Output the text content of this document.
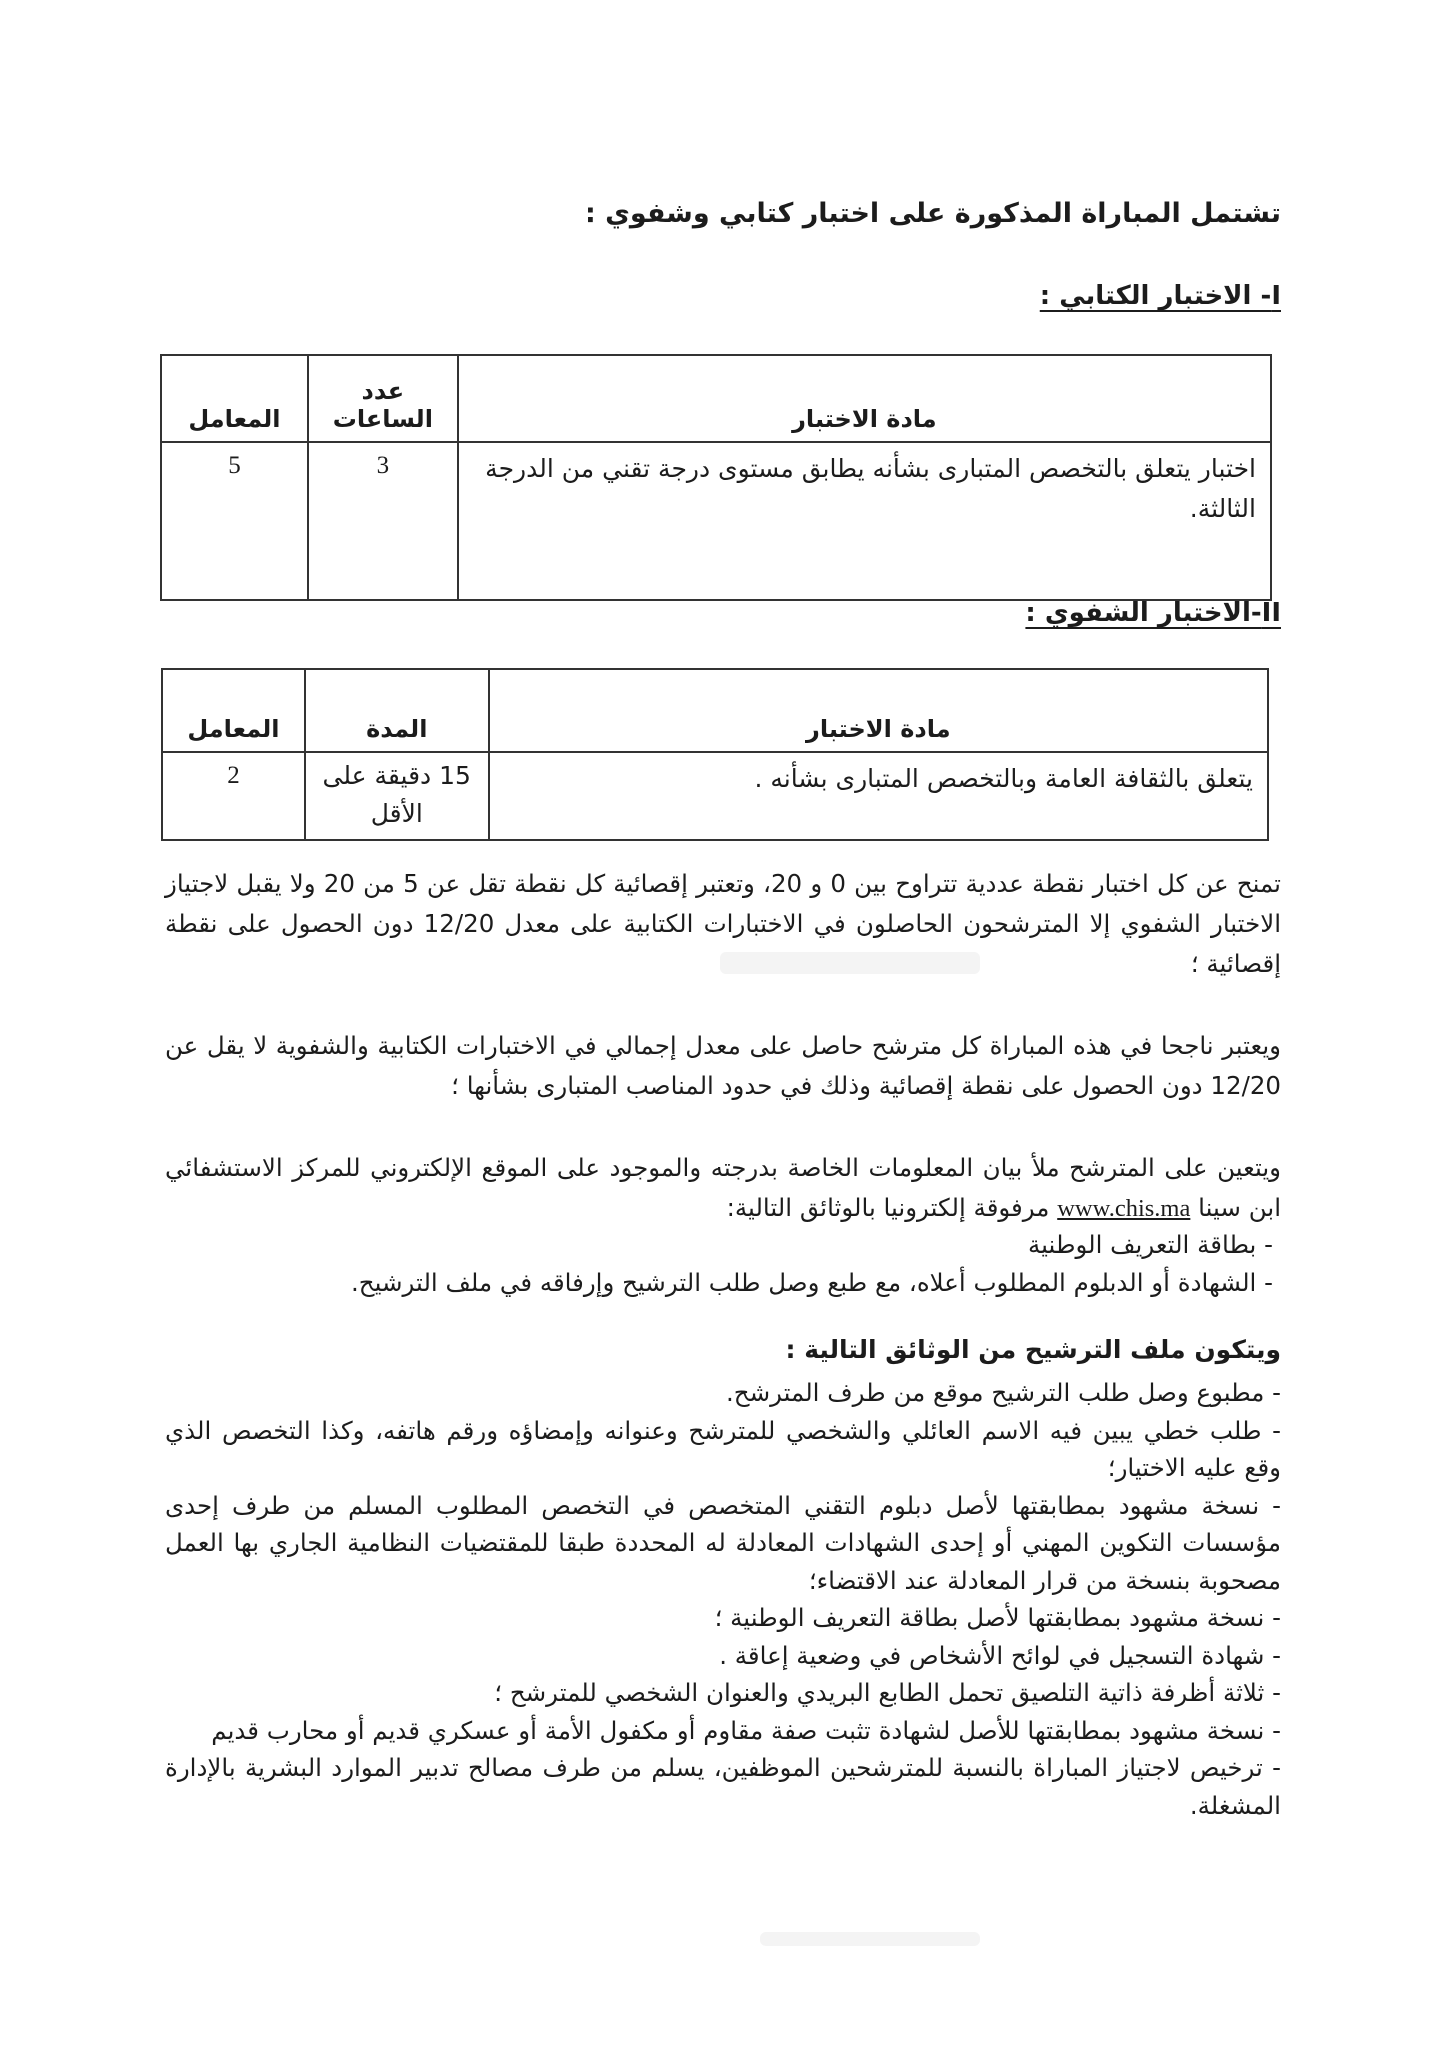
تشتمل المباراة المذكورة على اختبار كتابي وشفوي :
I- الاختبار الكتابي :
مادة الاختبار	عدد الساعات	المعامل
اختبار يتعلق بالتخصص المتبارى بشأنه يطابق مستوى درجة تقني من الدرجة الثالثة.	3	5
II-الاختبار الشفوي :
مادة الاختبار	المدة	المعامل
يتعلق بالثقافة العامة وبالتخصص المتبارى بشأنه .	15 دقيقة على الأقل	2
تمنح عن كل اختبار نقطة عددية تتراوح بين 0 و 20، وتعتبر إقصائية كل نقطة تقل عن 5 من 20 ولا يقبل لاجتياز الاختبار الشفوي إلا المترشحون الحاصلون في الاختبارات الكتابية على معدل 12/20 دون الحصول على نقطة إقصائية ؛
ويعتبر ناجحا في هذه المباراة كل مترشح حاصل على معدل إجمالي في الاختبارات الكتابية والشفوية لا يقل عن 12/20 دون الحصول على نقطة إقصائية وذلك في حدود المناصب المتبارى بشأنها ؛
ويتعين على المترشح ملأ بيان المعلومات الخاصة بدرجته والموجود على الموقع الإلكتروني للمركز الاستشفائي ابن سينا www.chis.ma مرفوقة إلكترونيا بالوثائق التالية:
- بطاقة التعريف الوطنية
- الشهادة أو الدبلوم المطلوب أعلاه، مع طبع وصل طلب الترشيح وإرفاقه في ملف الترشيح.
ويتكون ملف الترشيح من الوثائق التالية :
- مطبوع وصل طلب الترشيح موقع من طرف المترشح.
- طلب خطي يبين فيه الاسم العائلي والشخصي للمترشح وعنوانه وإمضاؤه ورقم هاتفه، وكذا التخصص الذي وقع عليه الاختيار؛
- نسخة مشهود بمطابقتها لأصل دبلوم التقني المتخصص في التخصص المطلوب المسلم من طرف إحدى مؤسسات التكوين المهني أو إحدى الشهادات المعادلة له المحددة طبقا للمقتضيات النظامية الجاري بها العمل مصحوبة بنسخة من قرار المعادلة عند الاقتضاء؛
- نسخة مشهود بمطابقتها لأصل بطاقة التعريف الوطنية ؛
- شهادة التسجيل في لوائح الأشخاص في وضعية إعاقة .
- ثلاثة أظرفة ذاتية التلصيق تحمل الطابع البريدي والعنوان الشخصي للمترشح ؛
- نسخة مشهود بمطابقتها للأصل لشهادة تثبت صفة مقاوم أو مكفول الأمة أو عسكري قديم أو محارب قديم
- ترخيص لاجتياز المباراة بالنسبة للمترشحين الموظفين، يسلم من طرف مصالح تدبير الموارد البشرية بالإدارة المشغلة.
